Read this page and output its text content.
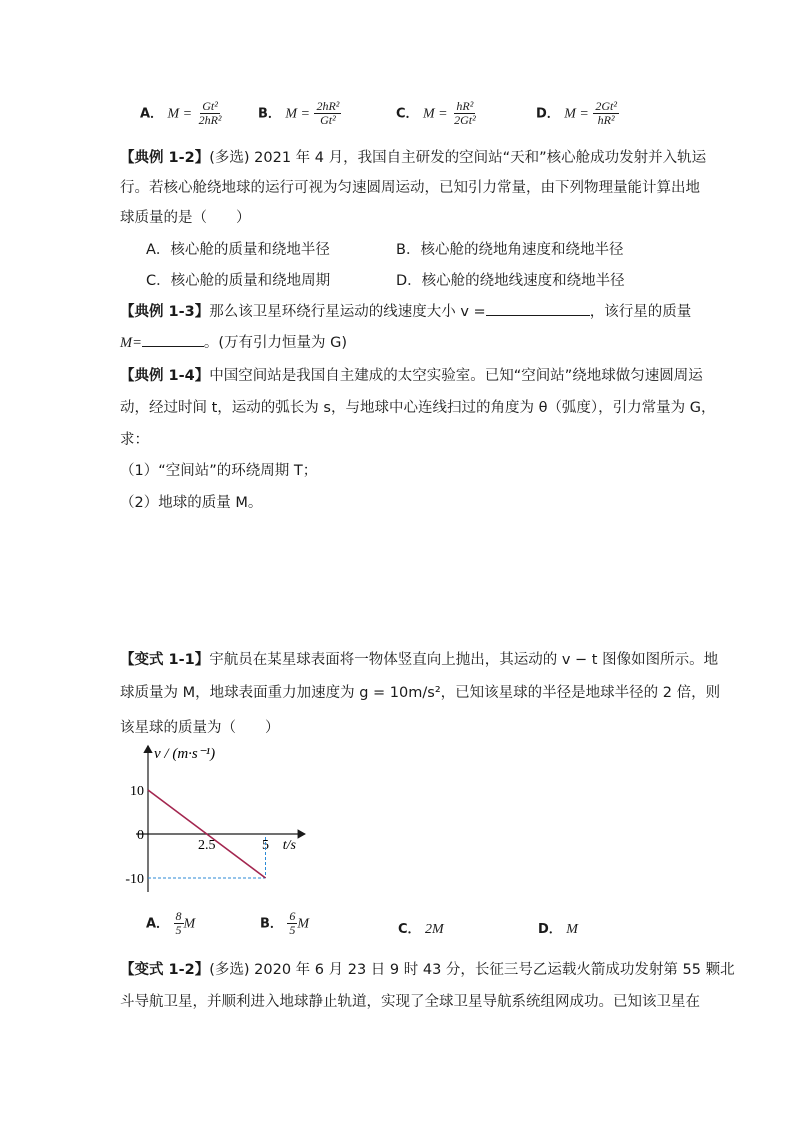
A． $M = \frac{\text{Gt²}}{\text{2hR²}}$	B． $M = \frac{\text{2hR²}}{\text{Gt²}}$	C． $M = \frac{\text{hR²}}{\text{2Gt²}}$	D． $M = \frac{\text{2Gt²}}{\text{hR²}}$
【典例 1-2】(多选) 2021 年 4 月，我国自主研发的空间站“天和”核心舱成功发射并入轨运
行。若核心舱绕地球的运行可视为匀速圆周运动，已知引力常量，由下列物理量能计算出地
球质量的是（　　）
A．核心舱的质量和绕地半径	B．核心舱的绕地角速度和绕地半径
C．核心舱的质量和绕地周期	D．核心舱的绕地线速度和绕地半径
【典例 1-3】那么该卫星环绕行星运动的线速度大小 v =	，该行星的质量
M=	。(万有引力恒量为 G)
【典例 1-4】中国空间站是我国自主建成的太空实验室。已知“空间站”绕地球做匀速圆周运
动，经过时间 t，运动的弧长为 s，与地球中心连线扫过的角度为 θ（弧度），引力常量为 G，
求：
（1）“空间站”的环绕周期 T；
（2）地球的质量 M。
【变式 1-1】宇航员在某星球表面将一物体竖直向上抛出，其运动的 v − t 图像如图所示。地
球质量为 M，地球表面重力加速度为 g = 10m/s²，已知该星球的半径是地球半径的 2 倍，则
该星球的质量为（　　）
v / (m·s⁻¹)
t/s
10
0
-10
2.5	5
A． $\frac{8}{5}$ M	B． $\frac{6}{5}$ M	C． 2M	D． M
【变式 1-2】(多选) 2020 年 6 月 23 日 9 时 43 分，长征三号乙运载火箭成功发射第 55 颗北
斗导航卫星，并顺利进入地球静止轨道，实现了全球卫星导航系统组网成功。已知该卫星在
